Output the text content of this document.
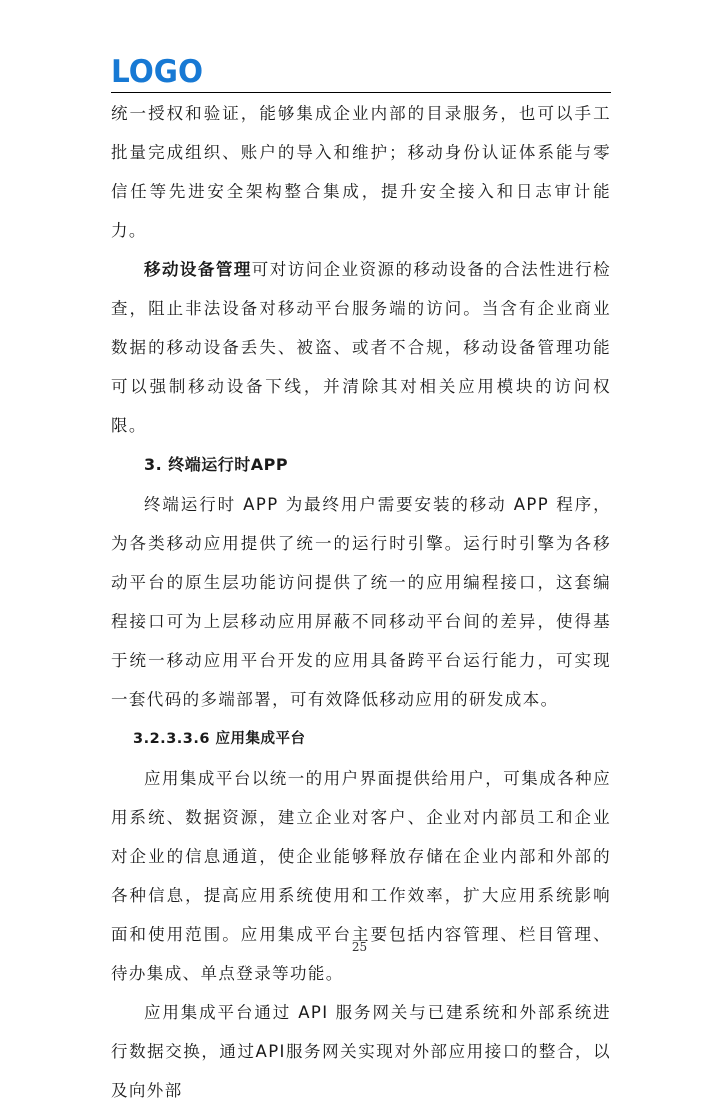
LOGO

统一授权和验证，能够集成企业内部的目录服务，也可以手工批量完成组织、账户的导入和维护；移动身份认证体系能与零信任等先进安全架构整合集成，提升安全接入和日志审计能力。

移动设备管理可对访问企业资源的移动设备的合法性进行检查，阻止非法设备对移动平台服务端的访问。当含有企业商业数据的移动设备丢失、被盗、或者不合规，移动设备管理功能可以强制移动设备下线，并清除其对相关应用模块的访问权限。

3. 终端运行时APP

终端运行时 APP 为最终用户需要安装的移动 APP 程序，为各类移动应用提供了统一的运行时引擎。运行时引擎为各移动平台的原生层功能访问提供了统一的应用编程接口，这套编程接口可为上层移动应用屏蔽不同移动平台间的差异，使得基于统一移动应用平台开发的应用具备跨平台运行能力，可实现一套代码的多端部署，可有效降低移动应用的研发成本。

3.2.3.3.6 应用集成平台

应用集成平台以统一的用户界面提供给用户，可集成各种应用系统、数据资源，建立企业对客户、企业对内部员工和企业对企业的信息通道，使企业能够释放存储在企业内部和外部的各种信息，提高应用系统使用和工作效率，扩大应用系统影响面和使用范围。应用集成平台主要包括内容管理、栏目管理、待办集成、单点登录等功能。

应用集成平台通过 API 服务网关与已建系统和外部系统进行数据交换，通过API服务网关实现对外部应用接口的整合，以及向外部

25
